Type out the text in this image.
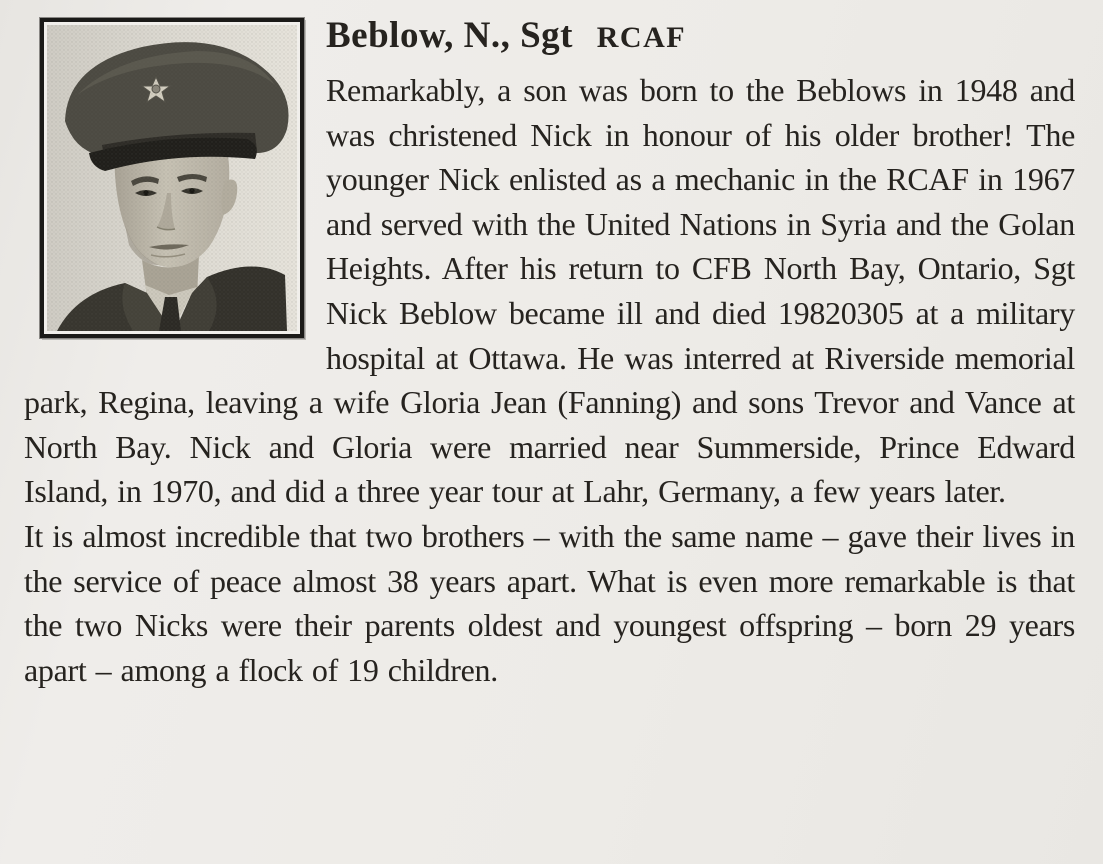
Beblow, N., Sgt RCAF

Remarkably, a son was born to the Beblows in 1948 and was christened Nick in honour of his older brother! The younger Nick enlisted as a mechanic in the RCAF in 1967 and served with the United Nations in Syria and the Golan Heights. After his return to CFB North Bay, Ontario, Sgt Nick Beblow became ill and died 19820305 at a military hospital at Ottawa. He was interred at Riverside memorial park, Regina, leaving a wife Gloria Jean (Fanning) and sons Trevor and Vance at North Bay. Nick and Gloria were married near Summerside, Prince Edward Island, in 1970, and did a three year tour at Lahr, Germany, a few years later.

It is almost incredible that two brothers – with the same name – gave their lives in the service of peace almost 38 years apart. What is even more remarkable is that the two Nicks were their parents oldest and youngest offspring – born 29 years apart – among a flock of 19 children.
